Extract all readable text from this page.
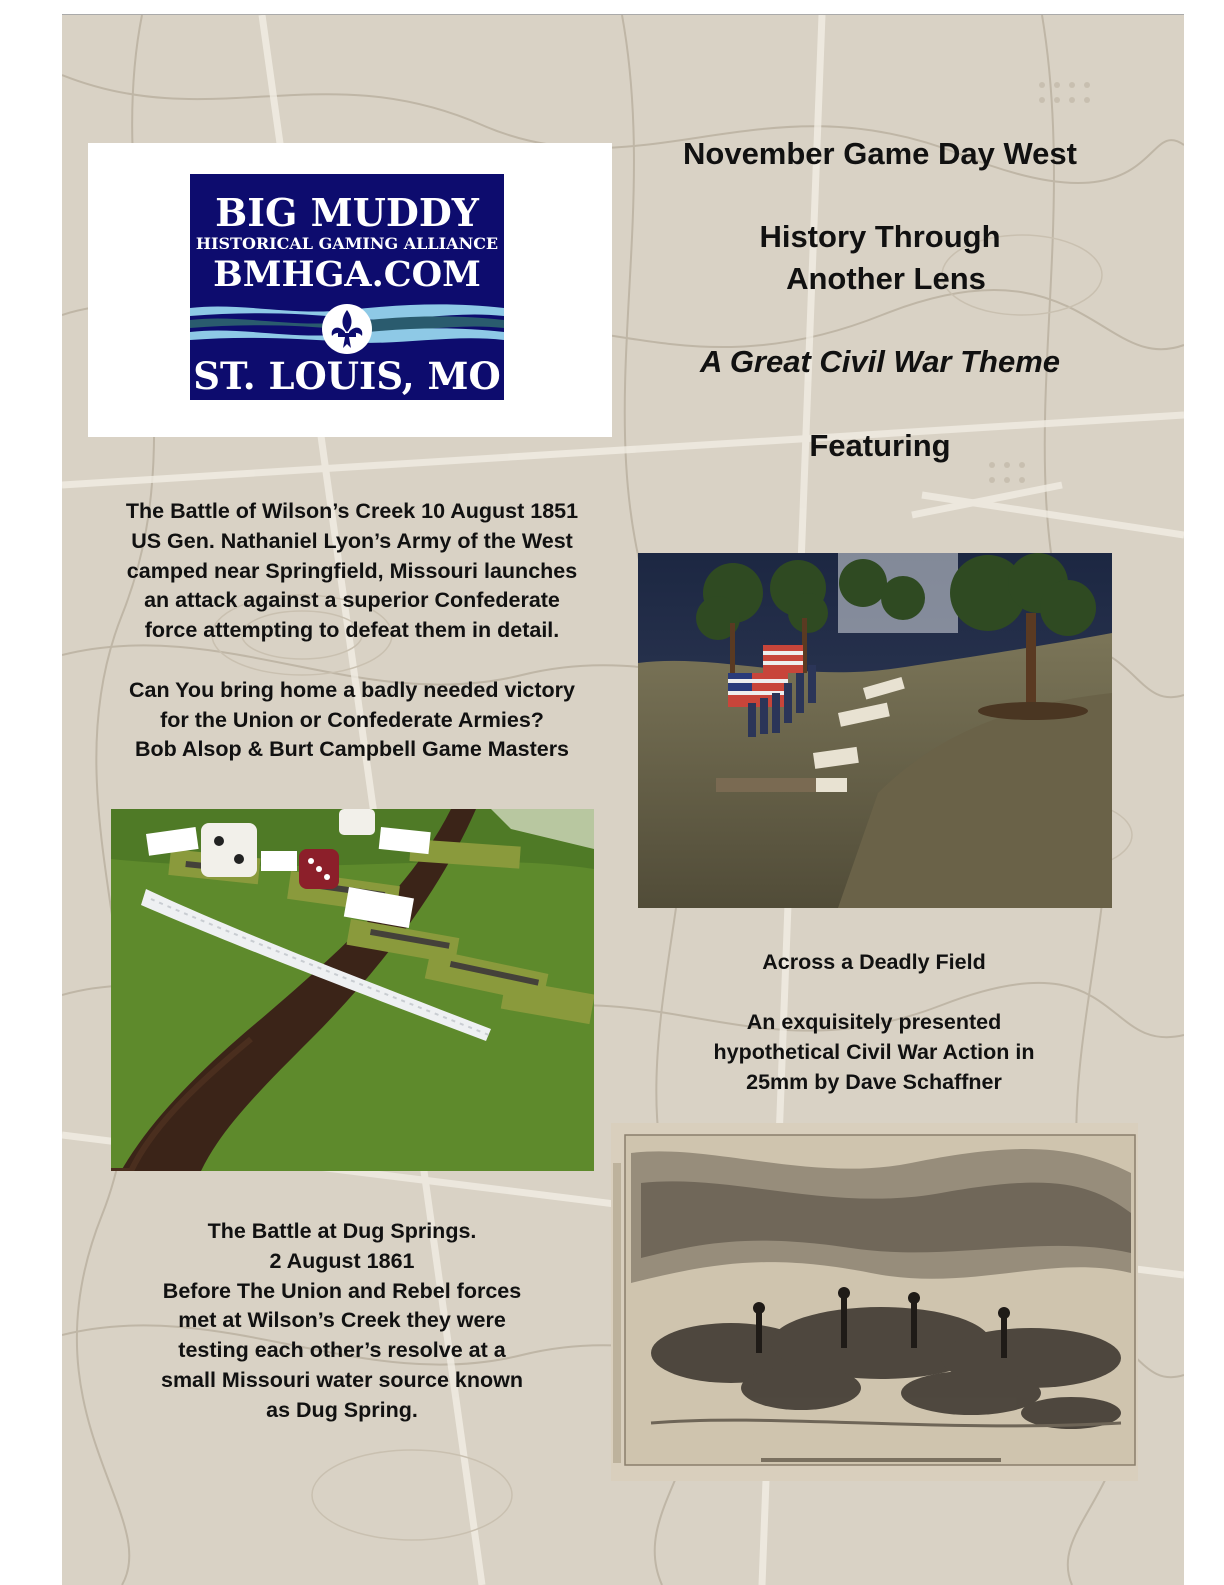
BIG MUDDY
HISTORICAL GAMING ALLIANCE
BMHGA.COM
ST. LOUIS, MO
November Game Day West
History Through
Another Lens
A Great Civil War Theme
Featuring
The Battle of Wilson’s Creek 10 August 1851
US Gen. Nathaniel Lyon’s Army of the West
camped near Springfield, Missouri launches
an attack against a superior Confederate
force attempting to defeat them in detail.
Can You bring home a badly needed victory
for the Union or Confederate Armies?
Bob Alsop & Burt Campbell Game Masters
Across a Deadly Field
An exquisitely presented
hypothetical Civil War Action in
25mm by Dave Schaffner
The Battle at Dug Springs.
2 August 1861
Before The Union and Rebel forces
met at Wilson’s Creek they were
testing each other’s resolve at a
small Missouri water source known
as Dug Spring.
